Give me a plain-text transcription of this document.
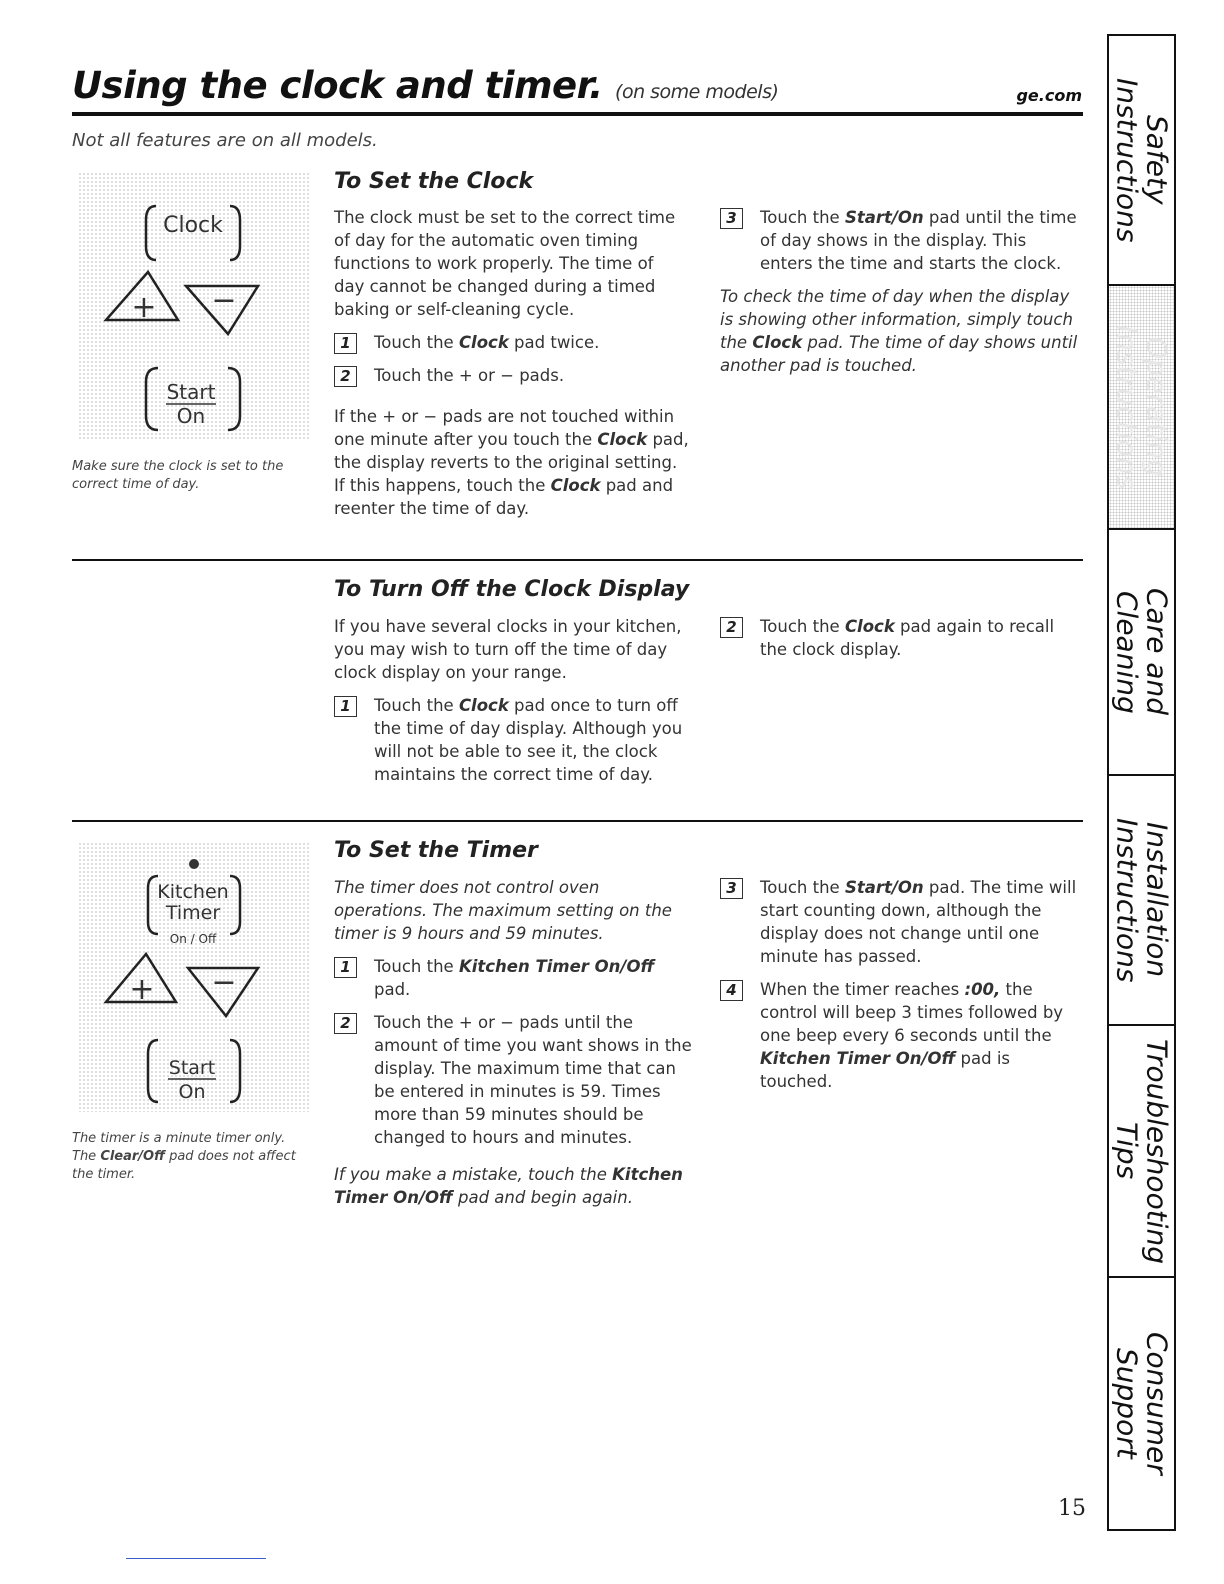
Using the clock and timer. (on some models)	ge.com
Not all features are on all models.
Clock
+ −
Start
On
Make sure the clock is set to the correct time of day.
To Set the Clock

The clock must be set to the correct time of day for the automatic oven timing functions to work properly. The time of day cannot be changed during a timed baking or self-cleaning cycle.

1	Touch the Clock pad twice.
2	Touch the + or − pads.

If the + or − pads are not touched within one minute after you touch the Clock pad, the display reverts to the original setting. If this happens, touch the Clock pad and reenter the time of day.

3	Touch the Start/On pad until the time of day shows in the display. This enters the time and starts the clock.

To check the time of day when the display is showing other information, simply touch the Clock pad. The time of day shows until another pad is touched.

To Turn Off the Clock Display

If you have several clocks in your kitchen, you may wish to turn off the time of day clock display on your range.

1	Touch the Clock pad once to turn off the time of day display. Although you will not be able to see it, the clock maintains the correct time of day.
2	Touch the Clock pad again to recall the clock display.
Kitchen
Timer
On / Off
+ −
Start
On
The timer is a minute timer only.
The Clear/Off pad does not affect the timer.
To Set the Timer

The timer does not control oven operations. The maximum setting on the timer is 9 hours and 59 minutes.

1	Touch the Kitchen Timer On/Off pad.
2	Touch the + or − pads until the amount of time you want shows in the display. The maximum time that can be entered in minutes is 59. Times more than 59 minutes should be changed to hours and minutes.

If you make a mistake, touch the Kitchen Timer On/Off pad and begin again.

3	Touch the Start/On pad. The time will start counting down, although the display does not change until one minute has passed.
4	When the timer reaches :00, the control will beep 3 times followed by one beep every 6 seconds until the Kitchen Timer On/Off pad is touched.
Safety Instructions
Operating Instructions
Care and Cleaning
Installation Instructions
Troubleshooting Tips
Consumer Support
15
